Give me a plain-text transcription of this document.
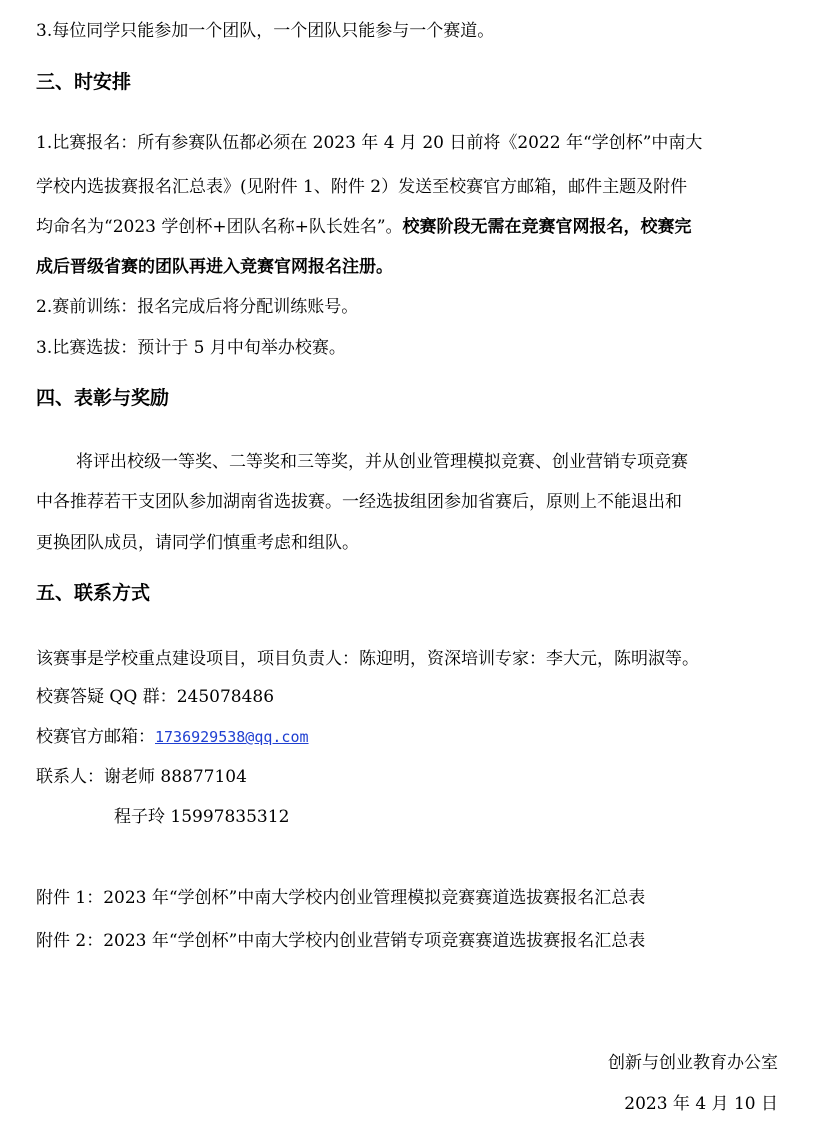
3.每位同学只能参加一个团队，一个团队只能参与一个赛道。
三、时安排
1.比赛报名：所有参赛队伍都必须在 2023 年 4 月 20 日前将《2022 年“学创杯”中南大
学校内选拔赛报名汇总表》(见附件 1、附件 2）发送至校赛官方邮箱，邮件主题及附件
均命名为“2023 学创杯+团队名称+队长姓名”。校赛阶段无需在竞赛官网报名，校赛完
成后晋级省赛的团队再进入竞赛官网报名注册。
2.赛前训练：报名完成后将分配训练账号。
3.比赛选拔：预计于 5 月中旬举办校赛。
四、表彰与奖励
将评出校级一等奖、二等奖和三等奖，并从创业管理模拟竞赛、创业营销专项竞赛
中各推荐若干支团队参加湖南省选拔赛。一经选拔组团参加省赛后，原则上不能退出和
更换团队成员，请同学们慎重考虑和组队。
五、联系方式
该赛事是学校重点建设项目，项目负责人：陈迎明，资深培训专家：李大元，陈明淑等。
校赛答疑 QQ 群：245078486
校赛官方邮箱：1736929538@qq.com
联系人：谢老师 88877104
程子玲 15997835312
附件 1：2023 年“学创杯”中南大学校内创业管理模拟竞赛赛道选拔赛报名汇总表
附件 2：2023 年“学创杯”中南大学校内创业营销专项竞赛赛道选拔赛报名汇总表
创新与创业教育办公室
2023 年 4 月 10 日
